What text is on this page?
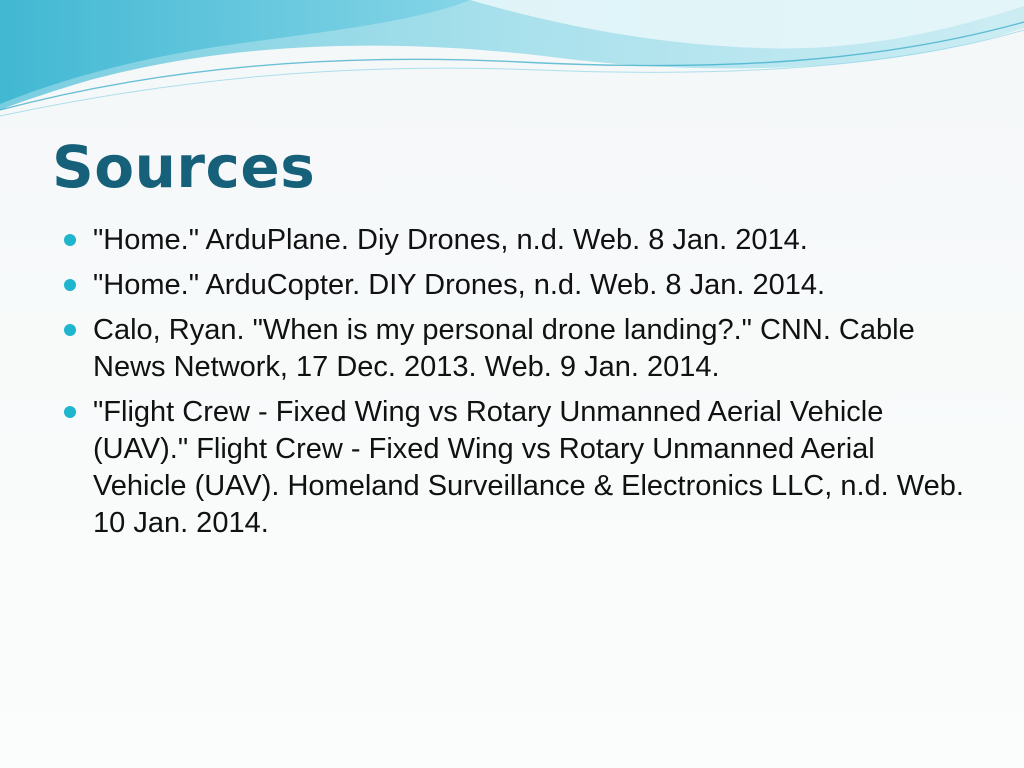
Sources
"Home." ArduPlane. Diy Drones, n.d. Web. 8 Jan. 2014.
"Home." ArduCopter. DIY Drones, n.d. Web. 8 Jan. 2014.
Calo, Ryan. "When is my personal drone landing?." CNN. Cable News Network, 17 Dec. 2013. Web. 9 Jan. 2014.
"Flight Crew - Fixed Wing vs Rotary Unmanned Aerial Vehicle (UAV)." Flight Crew - Fixed Wing vs Rotary Unmanned Aerial Vehicle (UAV). Homeland Surveillance & Electronics LLC, n.d. Web. 10 Jan. 2014.
